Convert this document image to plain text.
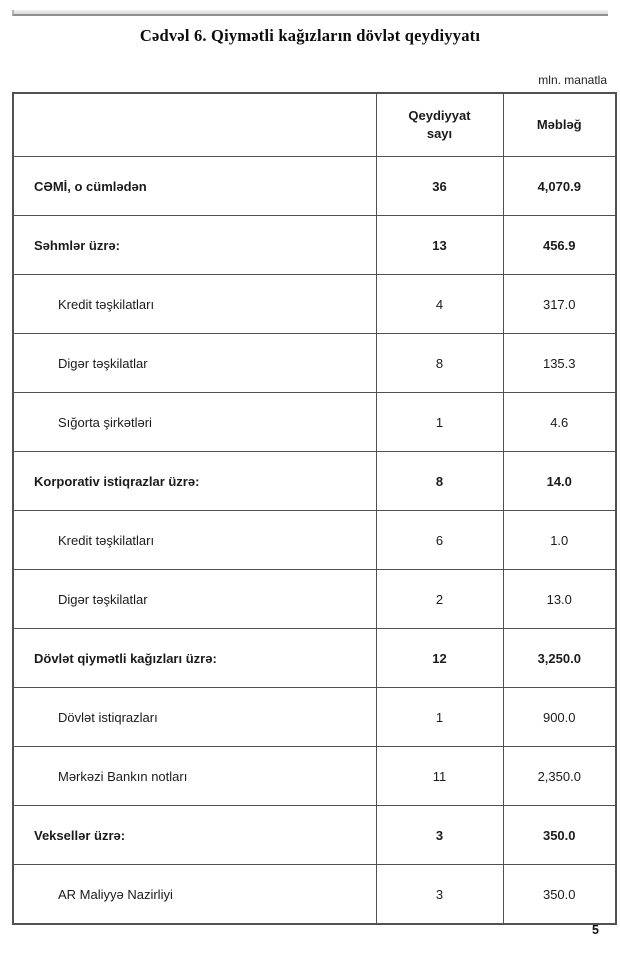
Cədvəl 6. Qiymətli kağızların dövlət qeydiyyatı
mln. manatla
	Qeydiyyat sayı	Məbləğ
CƏMİ, o cümlədən	36	4,070.9
Səhmlər üzrə:	13	456.9
Kredit təşkilatları	4	317.0
Digər təşkilatlar	8	135.3
Sığorta şirkətləri	1	4.6
Korporativ istiqrazlar üzrə:	8	14.0
Kredit təşkilatları	6	1.0
Digər təşkilatlar	2	13.0
Dövlət qiymətli kağızları üzrə:	12	3,250.0
Dövlət istiqrazları	1	900.0
Mərkəzi Bankın notları	11	2,350.0
Veksellər üzrə:	3	350.0
AR Maliyyə Nazirliyi	3	350.0
5
